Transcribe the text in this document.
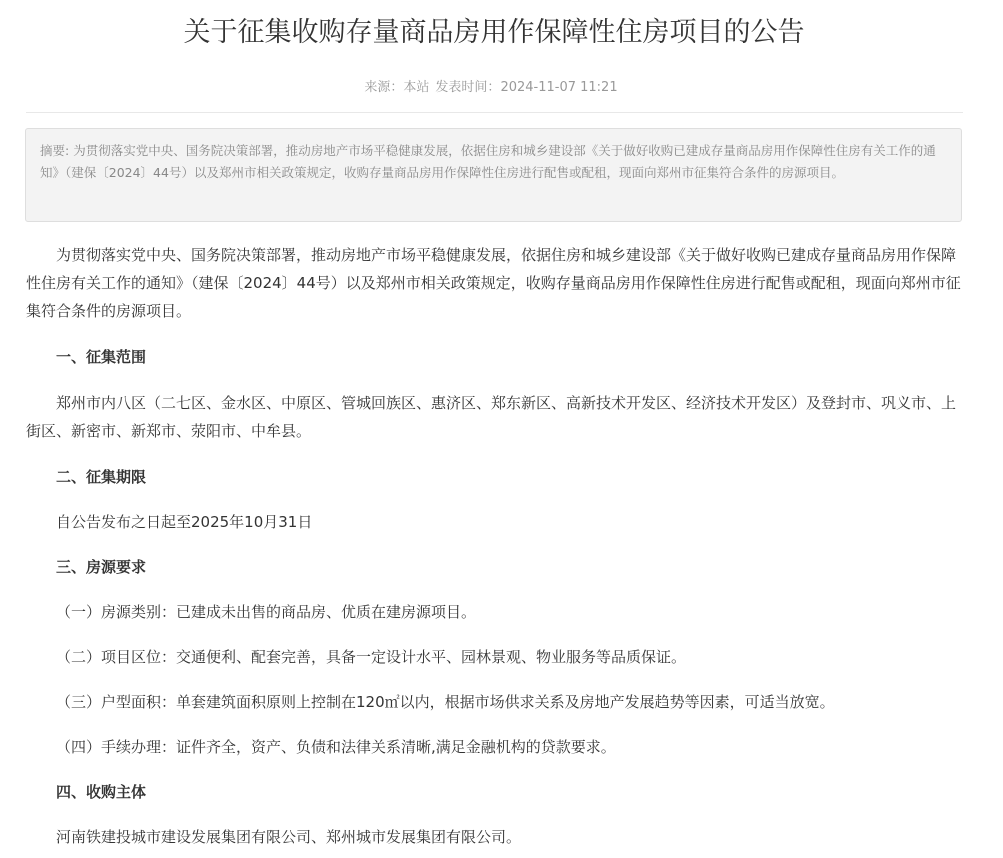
关于征集收购存量商品房用作保障性住房项目的公告
来源：本站 发表时间：2024-11-07 11:21
摘要: 为贯彻落实党中央、国务院决策部署，推动房地产市场平稳健康发展，依据住房和城乡建设部《关于做好收购已建成存量商品房用作保障性住房有关工作的通知》（建保〔2024〕44号）以及郑州市相关政策规定，收购存量商品房用作保障性住房进行配售或配租，现面向郑州市征集符合条件的房源项目。

为贯彻落实党中央、国务院决策部署，推动房地产市场平稳健康发展，依据住房和城乡建设部《关于做好收购已建成存量商品房用作保障性住房有关工作的通知》（建保〔2024〕44号）以及郑州市相关政策规定，收购存量商品房用作保障性住房进行配售或配租，现面向郑州市征集符合条件的房源项目。

一、征集范围

郑州市内八区（二七区、金水区、中原区、管城回族区、惠济区、郑东新区、高新技术开发区、经济技术开发区）及登封市、巩义市、上街区、新密市、新郑市、荥阳市、中牟县。

二、征集期限

自公告发布之日起至2025年10月31日

三、房源要求

（一）房源类别：已建成未出售的商品房、优质在建房源项目。

（二）项目区位：交通便利、配套完善，具备一定设计水平、园林景观、物业服务等品质保证。

（三）户型面积：单套建筑面积原则上控制在120㎡以内，根据市场供求关系及房地产发展趋势等因素，可适当放宽。

（四）手续办理：证件齐全，资产、负债和法律关系清晰,满足金融机构的贷款要求。

四、收购主体

河南铁建投城市建设发展集团有限公司、郑州城市发展集团有限公司。
